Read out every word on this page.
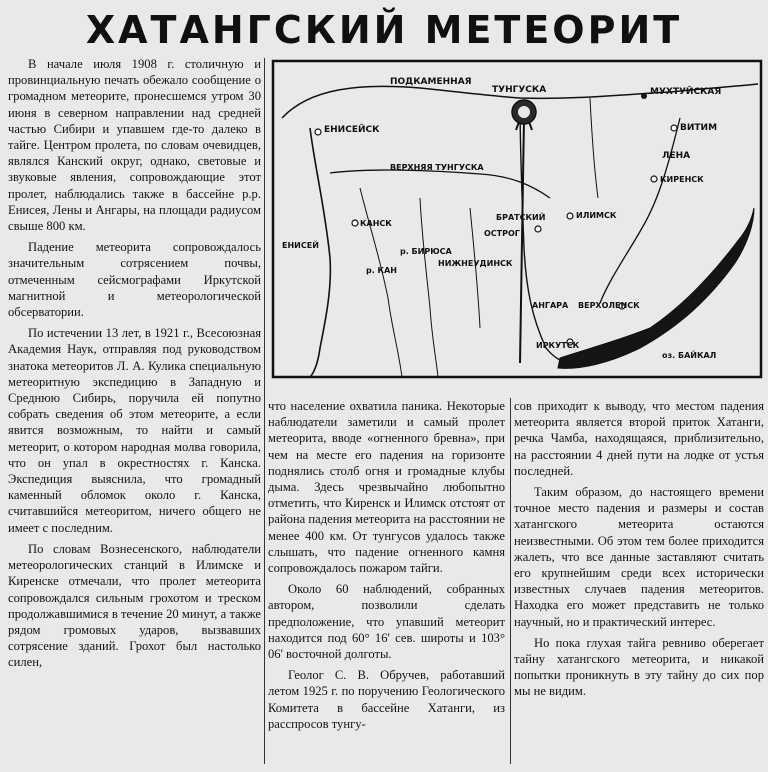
ХАТАНГСКИЙ МЕТЕОРИТ

В начале июля 1908 г. столичную и провинциальную печать обежало сообщение о громадном метеорите, пронесшемся утром 30 июня в северном направлении над средней частью Сибири и упавшем где-то далеко в тайге. Центром пролета, по словам очевидцев, являлся Канский округ, однако, световые и звуковые явления, сопровождающие этот пролет, наблюдались также в бассейне р.р. Енисея, Лены и Ангары, на площади радиусом свыше 800 км.

Падение метеорита сопровождалось значительным сотрясением почвы, отмеченным сейсмографами Иркутской магнитной и метеорологической обсерватории.

По истечении 13 лет, в 1921 г., Всесоюзная Академия Наук, отправляя под руководством знатока метеоритов Л. А. Кулика специальную метеоритную экспедицию в Западную и Среднюю Сибирь, поручила ей попутно собрать сведения об этом метеорите, а если явится возможным, то найти и самый метеорит, о котором народная молва говорила, что он упал в окрестностях г. Канска. Экспедиция выяснила, что громадный каменный обломок около г. Канска, считавшийся метеоритом, ничего общего не имеет с последним.

По словам Вознесенского, наблюдатели метеорологических станций в Илимске и Киренске отмечали, что пролет метеорита сопровождался сильным грохотом и треском продолжавшимися в течение 20 минут, а также рядом громовых ударов, вызвавших сотрясение зданий. Грохот был настолько силен,

ПОДКАМЕННАЯ
ТУНГУСКА	МУХТУЙСКАЯ
ВИТИМ
ЛЕНА
КИРЕНСК
ЕНИСЕЙСК
ВЕРХНЯЯ ТУНГУСКА
ИЛИМСК
БРАТСКИЙ
ОСТРОГ
НИЖНЕУДИНСК
КАНСК
р. КАН
р. БИРЮСА
ЕНИСЕЙ
АНГАРА
ИРКУТСК
ВЕРХОЛЕНСК
оз. БАЙКАЛ

что население охватила паника. Некоторые наблюдатели заметили и самый пролет метеорита, вводе «огненного бревна», при чем на месте его падения на горизонте поднялись столб огня и громадные клубы дыма. Здесь чрезвычайно любопытно отметить, что Киренск и Илимск отстоят от района падения метеорита на расстоянии не менее 400 км. От тунгусов удалось также слышать, что падение огненного камня сопровождалось пожаром тайги.

Около 60 наблюдений, собранных автором, позволили сделать предположение, что упавший метеорит находится под 60° 16' сев. широты и 103° 06' восточной долготы.

Геолог С. В. Обручев, работавший летом 1925 г. по поручению Геологического Комитета в бассейне Хатанги, из расспросов тунгу-

сов приходит к выводу, что местом падения метеорита является второй приток Хатанги, речка Чамба, находящаяся, приблизительно, на расстоянии 4 дней пути на лодке от устья последней.

Таким образом, до настоящего времени точное место падения и размеры и состав хатангского метеорита остаются неизвестными. Об этом тем более приходится жалеть, что все данные заставляют считать его крупнейшим среди всех исторически известных случаев падения метеоритов. Находка его может представить не только научный, но и практический интерес.

Но пока глухая тайга ревниво оберегает тайну хатангского метеорита, и никакой попытки проникнуть в эту тайну до сих пор мы не видим.
